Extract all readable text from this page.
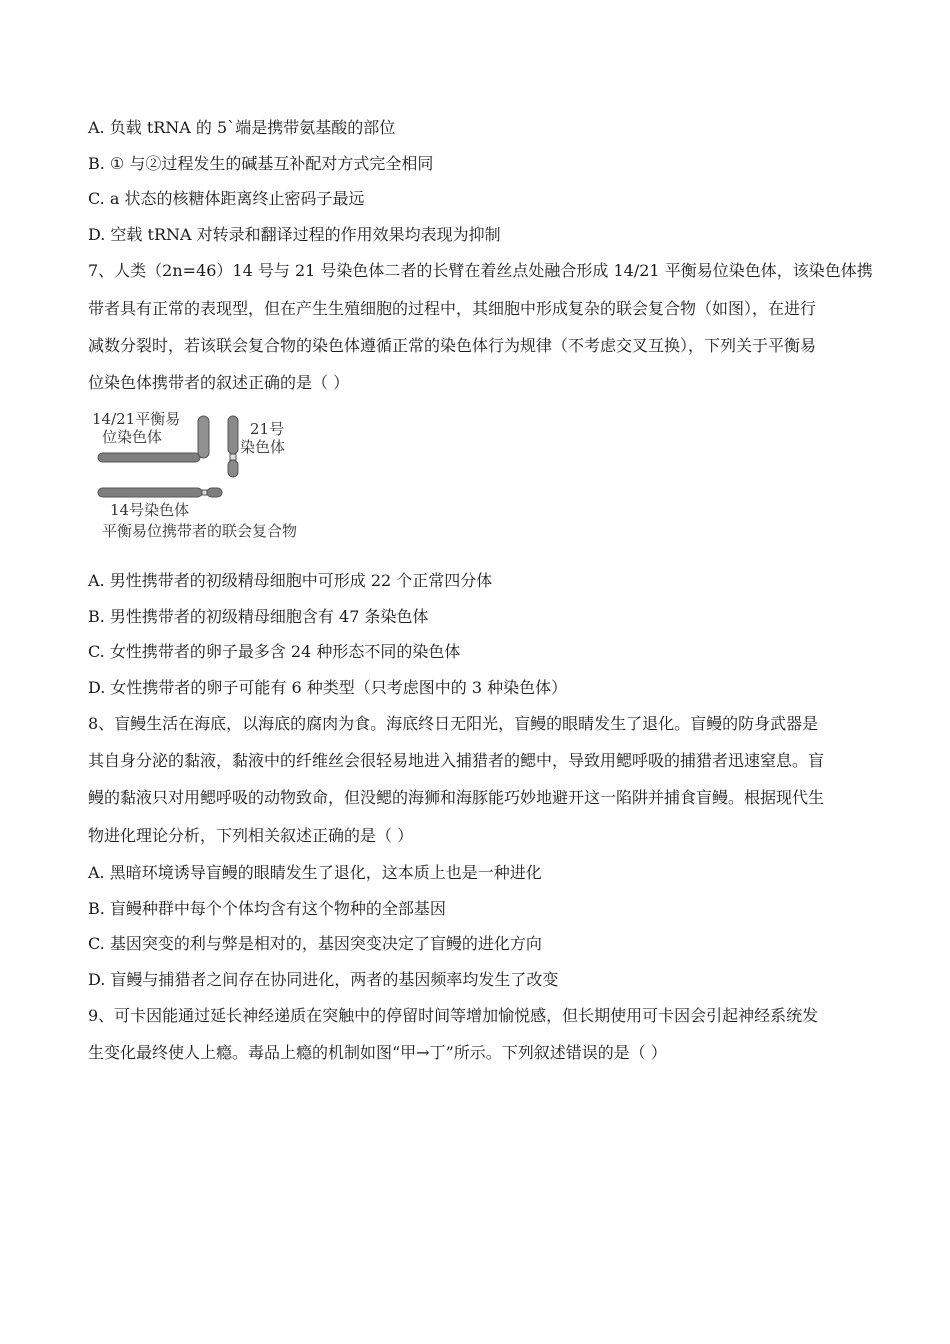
A. 负载 tRNA 的 5`端是携带氨基酸的部位
B. ① 与②过程发生的碱基互补配对方式完全相同
C. a 状态的核糖体距离终止密码子最远
D. 空载 tRNA 对转录和翻译过程的作用效果均表现为抑制
7、人类（2n=46）14 号与 21 号染色体二者的长臂在着丝点处融合形成 14/21 平衡易位染色体，该染色体携
带者具有正常的表现型，但在产生生殖细胞的过程中，其细胞中形成复杂的联会复合物（如图），在进行
减数分裂时，若该联会复合物的染色体遵循正常的染色体行为规律（不考虑交叉互换），下列关于平衡易
位染色体携带者的叙述正确的是（ ）
14/21平衡易
位染色体	21号
染色体
14号染色体
平衡易位携带者的联会复合物
A. 男性携带者的初级精母细胞中可形成 22 个正常四分体
B. 男性携带者的初级精母细胞含有 47 条染色体
C. 女性携带者的卵子最多含 24 种形态不同的染色体
D. 女性携带者的卵子可能有 6 种类型（只考虑图中的 3 种染色体）
8、盲鳗生活在海底，以海底的腐肉为食。海底终日无阳光，盲鳗的眼睛发生了退化。盲鳗的防身武器是
其自身分泌的黏液，黏液中的纤维丝会很轻易地进入捕猎者的鳃中，导致用鳃呼吸的捕猎者迅速窒息。盲
鳗的黏液只对用鳃呼吸的动物致命，但没鳃的海狮和海豚能巧妙地避开这一陷阱并捕食盲鳗。根据现代生
物进化理论分析，下列相关叙述正确的是（ ）
A. 黑暗环境诱导盲鳗的眼睛发生了退化，这本质上也是一种进化
B. 盲鳗种群中每个个体均含有这个物种的全部基因
C. 基因突变的利与弊是相对的，基因突变决定了盲鳗的进化方向
D. 盲鳗与捕猎者之间存在协同进化，两者的基因频率均发生了改变
9、可卡因能通过延长神经递质在突触中的停留时间等增加愉悦感，但长期使用可卡因会引起神经系统发
生变化最终使人上瘾。毒品上瘾的机制如图“甲→丁”所示。下列叙述错误的是（ ）
